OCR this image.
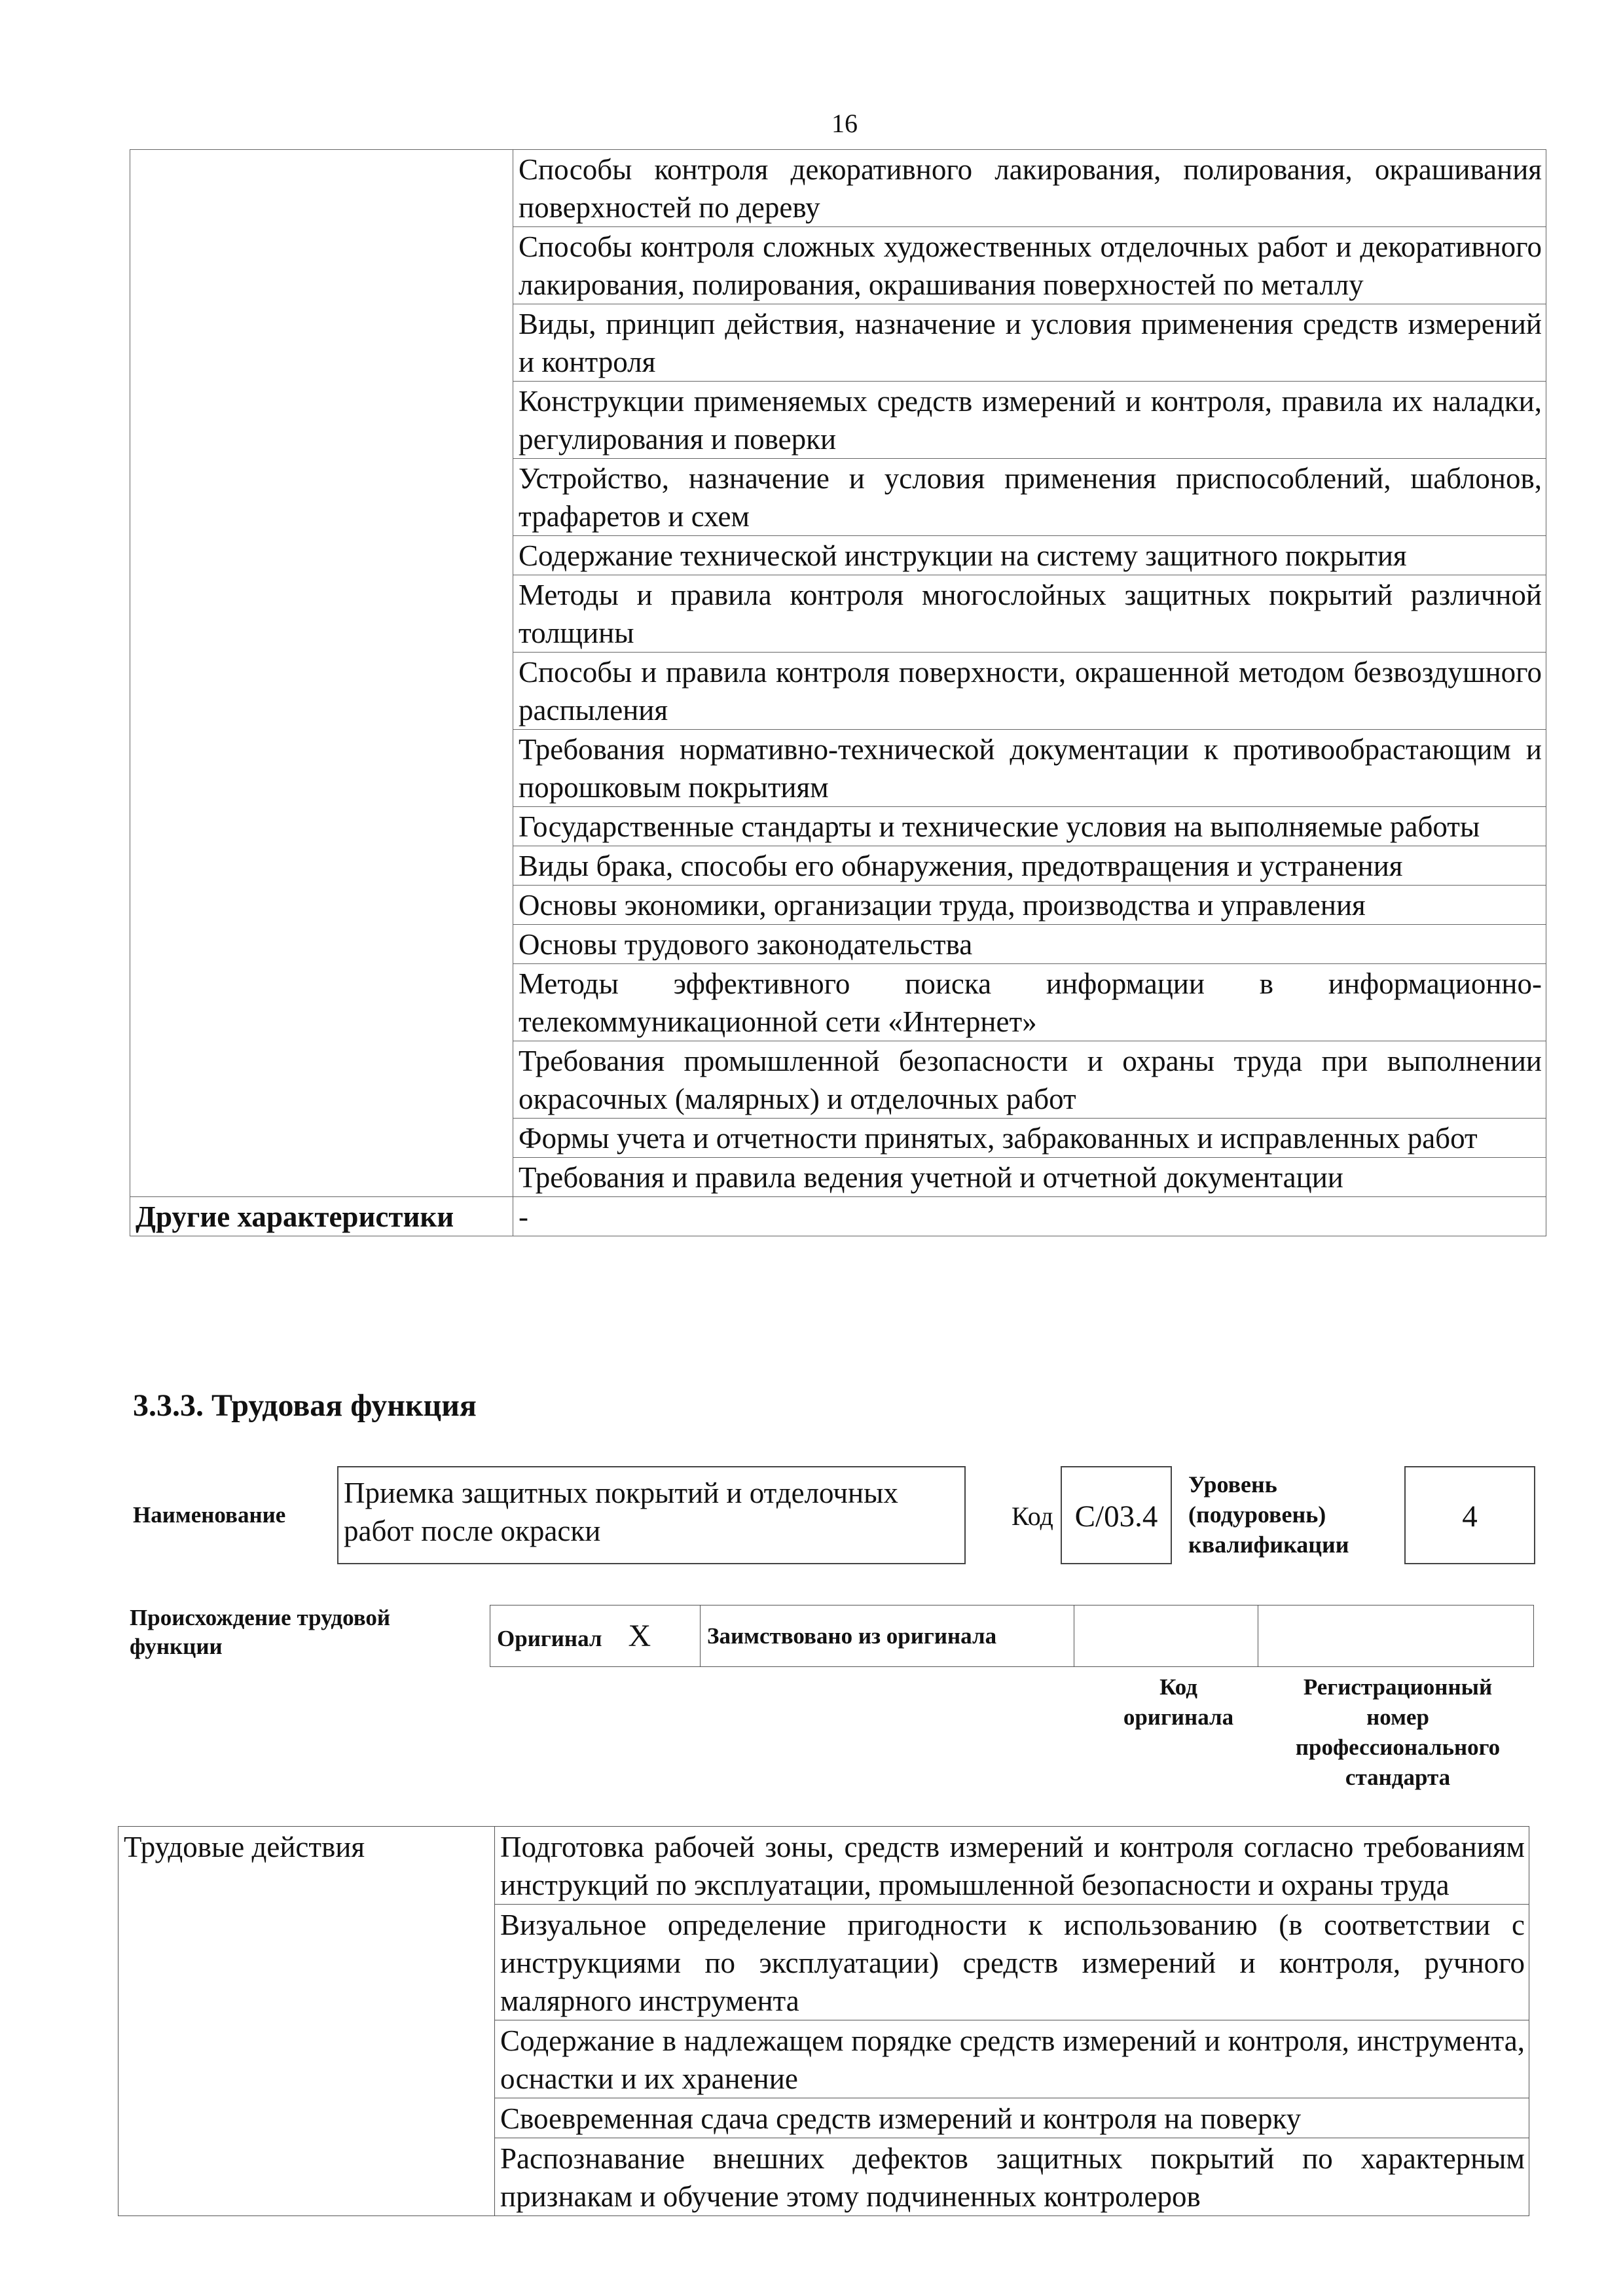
16
	Способы контроля декоративного лакирования, полирования, окрашивания поверхностей по дереву
	Способы контроля сложных художественных отделочных работ и декоративного лакирования, полирования, окрашивания поверхностей по металлу
	Виды, принцип действия, назначение и условия применения средств измерений и контроля
	Конструкции применяемых средств измерений и контроля, правила их наладки, регулирования и поверки
	Устройство, назначение и условия применения приспособлений, шаблонов, трафаретов и схем
	Содержание технической инструкции на систему защитного покрытия
	Методы и правила контроля многослойных защитных покрытий различной толщины
	Способы и правила контроля поверхности, окрашенной методом безвоздушного распыления
	Требования нормативно-технической документации к противообрастающим и порошковым покрытиям
	Государственные стандарты и технические условия на выполняемые работы
	Виды брака, способы его обнаружения, предотвращения и устранения
	Основы экономики, организации труда, производства и управления
	Основы трудового законодательства
	Методы эффективного поиска информации в информационно-телекоммуникационной сети «Интернет»
	Требования промышленной безопасности и охраны труда при выполнении окрасочных (малярных) и отделочных работ
	Формы учета и отчетности принятых, забракованных и исправленных работ
	Требования и правила ведения учетной и отчетной документации
Другие характеристики	-
3.3.3. Трудовая функция
Наименование
Приемка защитных покрытий и отделочных работ после окраски	Код С/03.4
Уровень
(подуровень)
квалификации
4
Происхождение трудовой
функции	Оригинал X	Заимствовано из оригинала		
Код
оригинала
Регистрационный
номер
профессионального
стандарта
Трудовые действия	Подготовка рабочей зоны, средств измерений и контроля согласно требованиям инструкций по эксплуатации, промышленной безопасности и охраны труда
Визуальное определение пригодности к использованию (в соответствии с инструкциями по эксплуатации) средств измерений и контроля, ручного малярного инструмента
Содержание в надлежащем порядке средств измерений и контроля, инструмента, оснастки и их хранение
Своевременная сдача средств измерений и контроля на поверку
Распознавание внешних дефектов защитных покрытий по характерным признакам и обучение этому подчиненных контролеров
